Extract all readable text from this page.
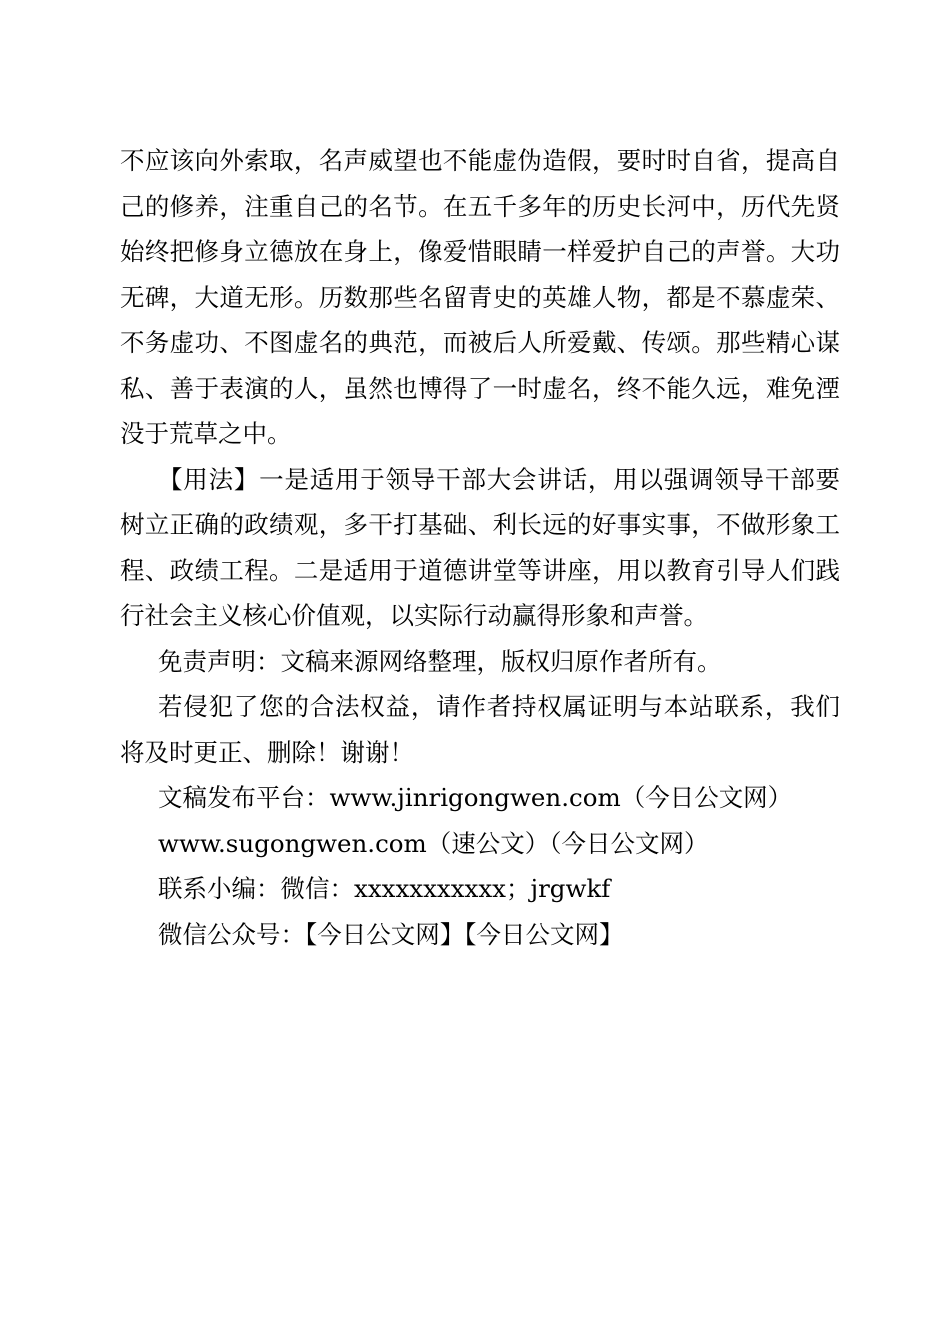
不应该向外索取，名声威望也不能虚伪造假，要时时自省，提高自己的修养，注重自己的名节。在五千多年的历史长河中，历代先贤始终把修身立德放在身上，像爱惜眼睛一样爱护自己的声誉。大功无碑，大道无形。历数那些名留青史的英雄人物，都是不慕虚荣、不务虚功、不图虚名的典范，而被后人所爱戴、传颂。那些精心谋私、善于表演的人，虽然也博得了一时虚名，终不能久远，难免湮没于荒草之中。

【用法】一是适用于领导干部大会讲话，用以强调领导干部要树立正确的政绩观，多干打基础、利长远的好事实事，不做形象工程、政绩工程。二是适用于道德讲堂等讲座，用以教育引导人们践行社会主义核心价值观，以实际行动赢得形象和声誉。

免责声明：文稿来源网络整理，版权归原作者所有。

若侵犯了您的合法权益，请作者持权属证明与本站联系，我们将及时更正、删除！谢谢！

文稿发布平台：www.jinrigongwen.com（今日公文网）

www.sugongwen.com（速公文）（今日公文网）

联系小编：微信：xxxxxxxxxxx；jrgwkf

微信公众号：【今日公文网】【今日公文网】
